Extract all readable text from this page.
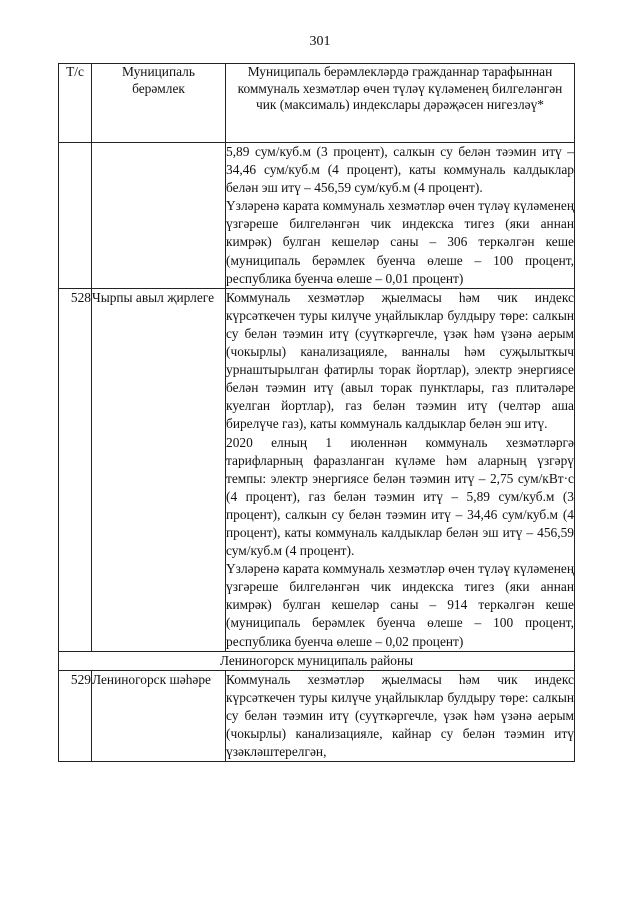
301
Т/с	Муниципаль берәмлек	Муниципаль берәмлекләрдә гражданнар тарафыннан коммуналь хезмәтләр өчен түләү күләменең билгеләнгән чик (максималь) индекслары дәрәҗәсен нигезләү*

		5,89 сум/куб.м (3 процент), салкын су белән тәэмин итү – 34,46 сум/куб.м (4 процент), каты коммуналь калдыклар белән эш итү – 456,59 сум/куб.м (4 процент).

Үзләренә карата коммуналь хезмәтләр өчен түләү күләменең үзгәреше билгеләнгән чик индекска тигез (яки аннан кимрәк) булган кешеләр саны – 306 теркәлгән кеше (муниципаль берәмлек буенча өлеше – 100 процент, республика буенча өлеше – 0,01 процент)

528	Чырпы авыл җирлеге	Коммуналь хезмәтләр җыелмасы һәм чик индекс күрсәткечен туры килүче уңайлыклар булдыру төре: салкын су белән тәэмин итү (суүткәргечле, үзәк һәм үзәнә аерым (чокырлы) канализацияле, ванналы һәм суҗылыткыч урнаштырылган фатирлы торак йортлар), электр энергиясе белән тәэмин итү (авыл торак пунктлары, газ плитәләре куелган йортлар), газ белән тәэмин итү (челтәр аша бирелүче газ), каты коммуналь калдыклар белән эш итү.

2020 елның 1 июленнән коммуналь хезмәтләргә тарифларның фаразланган күләме һәм аларның үзгәрү темпы: электр энергиясе белән тәэмин итү – 2,75 сум/кВт·с (4 процент), газ белән тәэмин итү – 5,89 сум/куб.м (3 процент), салкын су белән тәэмин итү – 34,46 сум/куб.м (4 процент), каты коммуналь калдыклар белән эш итү – 456,59 сум/куб.м (4 процент).

Үзләренә карата коммуналь хезмәтләр өчен түләү күләменең үзгәреше билгеләнгән чик индекска тигез (яки аннан кимрәк) булган кешеләр саны – 914 теркәлгән кеше (муниципаль берәмлек буенча өлеше – 100 процент, республика буенча өлеше – 0,02 процент)

Лениногорск муниципаль районы		
529	Лениногорск шәһәре	Коммуналь хезмәтләр җыелмасы һәм чик индекс күрсәткечен туры килүче уңайлыклар булдыру төре: салкын су белән тәэмин итү (суүткәргечле, үзәк һәм үзәнә аерым (чокырлы) канализацияле, кайнар су белән тәэмин итү үзәкләштерелгән,
